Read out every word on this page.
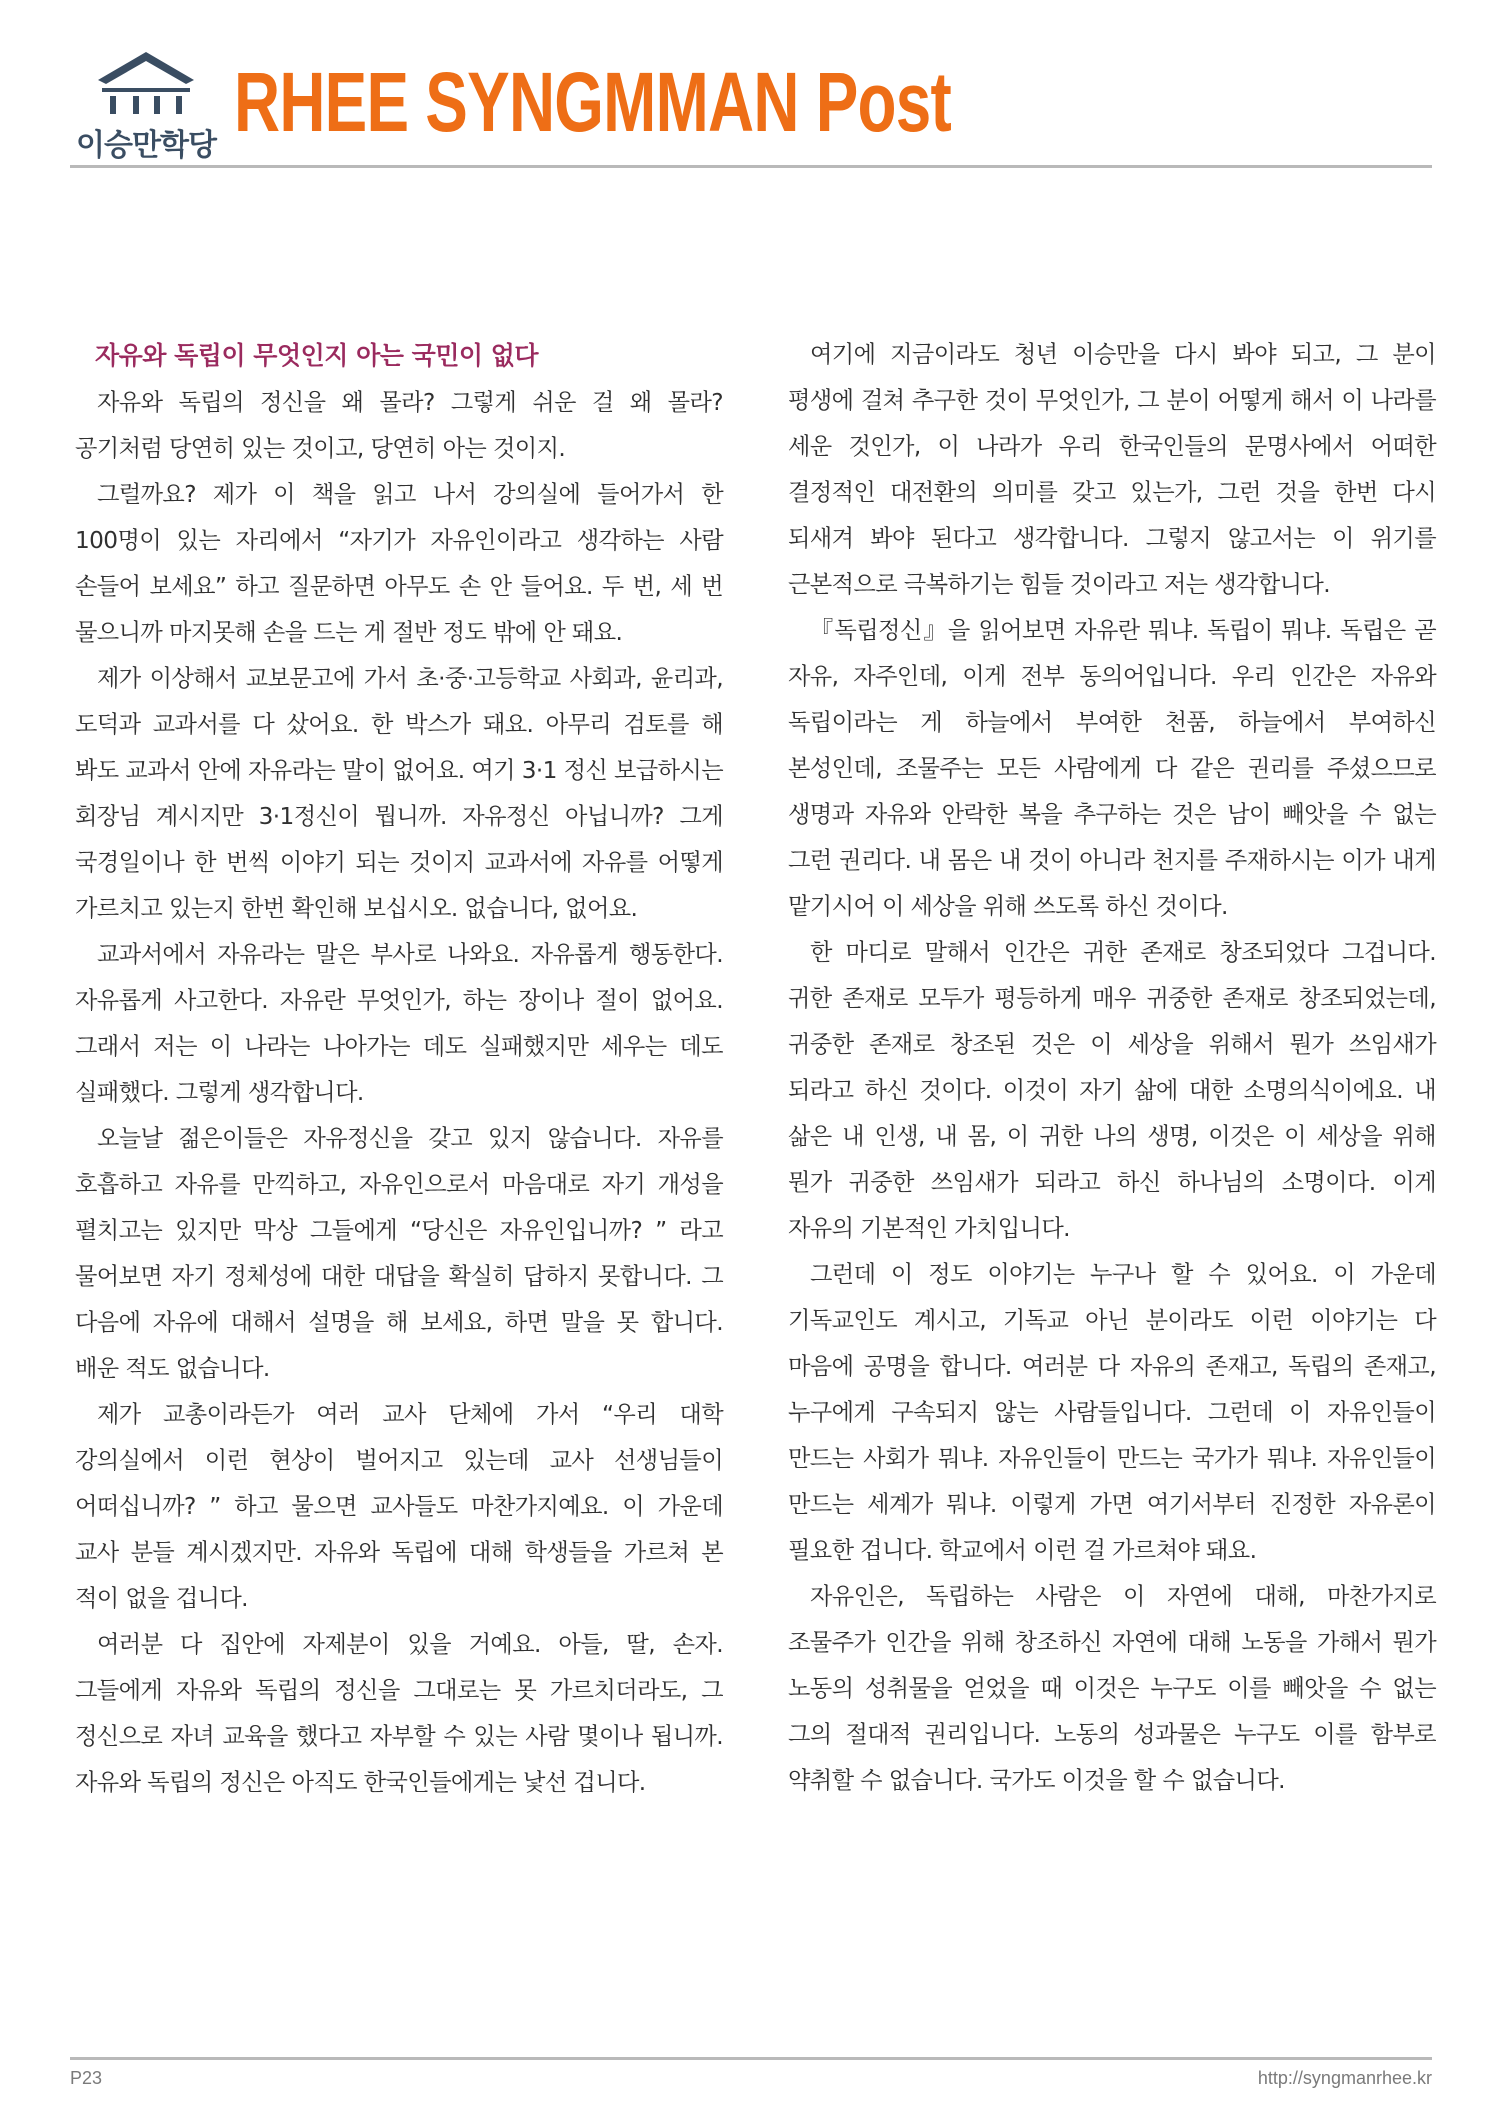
이승만학당 RHEE SYNGMMAN Post
자유와 독립이 무엇인지 아는 국민이 없다

자유와 독립의 정신을 왜 몰라? 그렇게 쉬운 걸 왜 몰라? 공기처럼 당연히 있는 것이고, 당연히 아는 것이지.

그럴까요? 제가 이 책을 읽고 나서 강의실에 들어가서 한 100명이 있는 자리에서 “자기가 자유인이라고 생각하는 사람 손들어 보세요” 하고 질문하면 아무도 손 안 들어요. 두 번, 세 번 물으니까 마지못해 손을 드는 게 절반 정도 밖에 안 돼요.

제가 이상해서 교보문고에 가서 초·중·고등학교 사회과, 윤리과, 도덕과 교과서를 다 샀어요. 한 박스가 돼요. 아무리 검토를 해 봐도 교과서 안에 자유라는 말이 없어요. 여기 3·1 정신 보급하시는 회장님 계시지만 3·1정신이 뭡니까. 자유정신 아닙니까? 그게 국경일이나 한 번씩 이야기 되는 것이지 교과서에 자유를 어떻게 가르치고 있는지 한번 확인해 보십시오. 없습니다, 없어요.

교과서에서 자유라는 말은 부사로 나와요. 자유롭게 행동한다. 자유롭게 사고한다. 자유란 무엇인가, 하는 장이나 절이 없어요. 그래서 저는 이 나라는 나아가는 데도 실패했지만 세우는 데도 실패했다. 그렇게 생각합니다.

오늘날 젊은이들은 자유정신을 갖고 있지 않습니다. 자유를 호흡하고 자유를 만끽하고, 자유인으로서 마음대로 자기 개성을 펼치고는 있지만 막상 그들에게 “당신은 자유인입니까? ” 라고 물어보면 자기 정체성에 대한 대답을 확실히 답하지 못합니다. 그 다음에 자유에 대해서 설명을 해 보세요, 하면 말을 못 합니다. 배운 적도 없습니다.

제가 교총이라든가 여러 교사 단체에 가서 “우리 대학 강의실에서 이런 현상이 벌어지고 있는데 교사 선생님들이 어떠십니까? ” 하고 물으면 교사들도 마찬가지예요. 이 가운데 교사 분들 계시겠지만. 자유와 독립에 대해 학생들을 가르쳐 본 적이 없을 겁니다.

여러분 다 집안에 자제분이 있을 거예요. 아들, 딸, 손자. 그들에게 자유와 독립의 정신을 그대로는 못 가르치더라도, 그 정신으로 자녀 교육을 했다고 자부할 수 있는 사람 몇이나 됩니까. 자유와 독립의 정신은 아직도 한국인들에게는 낯선 겁니다.

여기에 지금이라도 청년 이승만을 다시 봐야 되고, 그 분이 평생에 걸쳐 추구한 것이 무엇인가, 그 분이 어떻게 해서 이 나라를 세운 것인가, 이 나라가 우리 한국인들의 문명사에서 어떠한 결정적인 대전환의 의미를 갖고 있는가, 그런 것을 한번 다시 되새겨 봐야 된다고 생각합니다. 그렇지 않고서는 이 위기를 근본적으로 극복하기는 힘들 것이라고 저는 생각합니다.

『독립정신』을 읽어보면 자유란 뭐냐. 독립이 뭐냐. 독립은 곧 자유, 자주인데, 이게 전부 동의어입니다. 우리 인간은 자유와 독립이라는 게 하늘에서 부여한 천품, 하늘에서 부여하신 본성인데, 조물주는 모든 사람에게 다 같은 권리를 주셨으므로 생명과 자유와 안락한 복을 추구하는 것은 남이 빼앗을 수 없는 그런 권리다. 내 몸은 내 것이 아니라 천지를 주재하시는 이가 내게 맡기시어 이 세상을 위해 쓰도록 하신 것이다.

한 마디로 말해서 인간은 귀한 존재로 창조되었다 그겁니다. 귀한 존재로 모두가 평등하게 매우 귀중한 존재로 창조되었는데, 귀중한 존재로 창조된 것은 이 세상을 위해서 뭔가 쓰임새가 되라고 하신 것이다. 이것이 자기 삶에 대한 소명의식이에요. 내 삶은 내 인생, 내 몸, 이 귀한 나의 생명, 이것은 이 세상을 위해 뭔가 귀중한 쓰임새가 되라고 하신 하나님의 소명이다. 이게 자유의 기본적인 가치입니다.

그런데 이 정도 이야기는 누구나 할 수 있어요. 이 가운데 기독교인도 계시고, 기독교 아닌 분이라도 이런 이야기는 다 마음에 공명을 합니다. 여러분 다 자유의 존재고, 독립의 존재고, 누구에게 구속되지 않는 사람들입니다. 그런데 이 자유인들이 만드는 사회가 뭐냐. 자유인들이 만드는 국가가 뭐냐. 자유인들이 만드는 세계가 뭐냐. 이렇게 가면 여기서부터 진정한 자유론이 필요한 겁니다. 학교에서 이런 걸 가르쳐야 돼요.

자유인은, 독립하는 사람은 이 자연에 대해, 마찬가지로 조물주가 인간을 위해 창조하신 자연에 대해 노동을 가해서 뭔가 노동의 성취물을 얻었을 때 이것은 누구도 이를 빼앗을 수 없는 그의 절대적 권리입니다. 노동의 성과물은 누구도 이를 함부로 약취할 수 없습니다. 국가도 이것을 할 수 없습니다.

P23	http://syngmanrhee.kr
